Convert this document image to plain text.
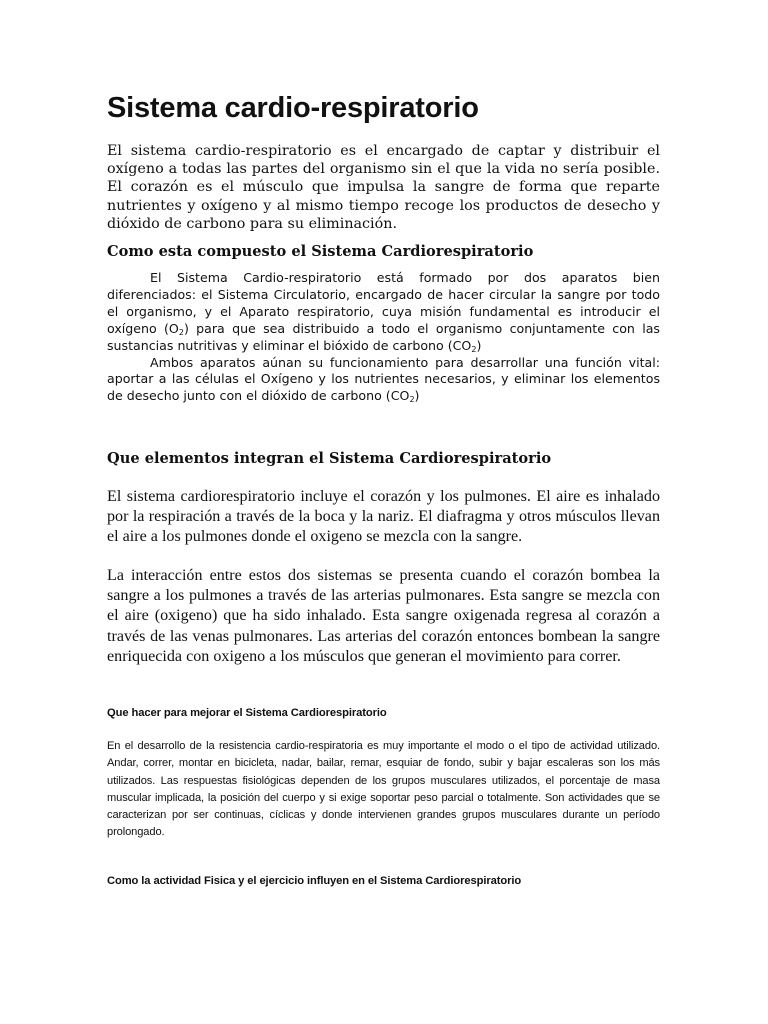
Sistema cardio-respiratorio

El sistema cardio-respiratorio es el encargado de captar y distribuir el oxígeno a todas las partes del organismo sin el que la vida no sería posible. El corazón es el músculo que impulsa la sangre de forma que reparte nutrientes y oxígeno y al mismo tiempo recoge los productos de desecho y dióxido de carbono para su eliminación.

Como esta compuesto el Sistema Cardiorespiratorio

El Sistema Cardio-respiratorio está formado por dos aparatos bien diferenciados: el Sistema Circulatorio, encargado de hacer circular la sangre por todo el organismo, y el Aparato respiratorio, cuya misión fundamental es introducir el oxígeno $(O_2)$ para que sea distribuido a todo el organismo conjuntamente con las sustancias nutritivas y eliminar el bióxido de carbono $(CO_2)$

Ambos aparatos aúnan su funcionamiento para desarrollar una función vital: aportar a las células el Oxígeno y los nutrientes necesarios, y eliminar los elementos de desecho junto con el dióxido de carbono $(CO_2)$

Que elementos integran el Sistema Cardiorespiratorio

El sistema cardiorespiratorio incluye el corazón y los pulmones. El aire es inhalado por la respiración a través de la boca y la nariz. El diafragma y otros músculos llevan el aire a los pulmones donde el oxigeno se mezcla con la sangre.

La interacción entre estos dos sistemas se presenta cuando el corazón bombea la sangre a los pulmones a través de las arterias pulmonares. Esta sangre se mezcla con el aire (oxigeno) que ha sido inhalado. Esta sangre oxigenada regresa al corazón a través de las venas pulmonares. Las arterias del corazón entonces bombean la sangre enriquecida con oxigeno a los músculos que generan el movimiento para correr.

Que hacer para mejorar el Sistema Cardiorespiratorio

En el desarrollo de la resistencia cardio-respiratoria es muy importante el modo o el tipo de actividad utilizado. Andar, correr, montar en bicicleta, nadar, bailar, remar, esquiar de fondo, subir y bajar escaleras son los más utilizados. Las respuestas fisiológicas dependen de los grupos musculares utilizados, el porcentaje de masa muscular implicada, la posición del cuerpo y si exige soportar peso parcial o totalmente. Son actividades que se caracterizan por ser continuas, cíclicas y donde intervienen grandes grupos musculares durante un período prolongado.

Como la actividad Fisica y el ejercicio influyen en el Sistema Cardiorespiratorio
